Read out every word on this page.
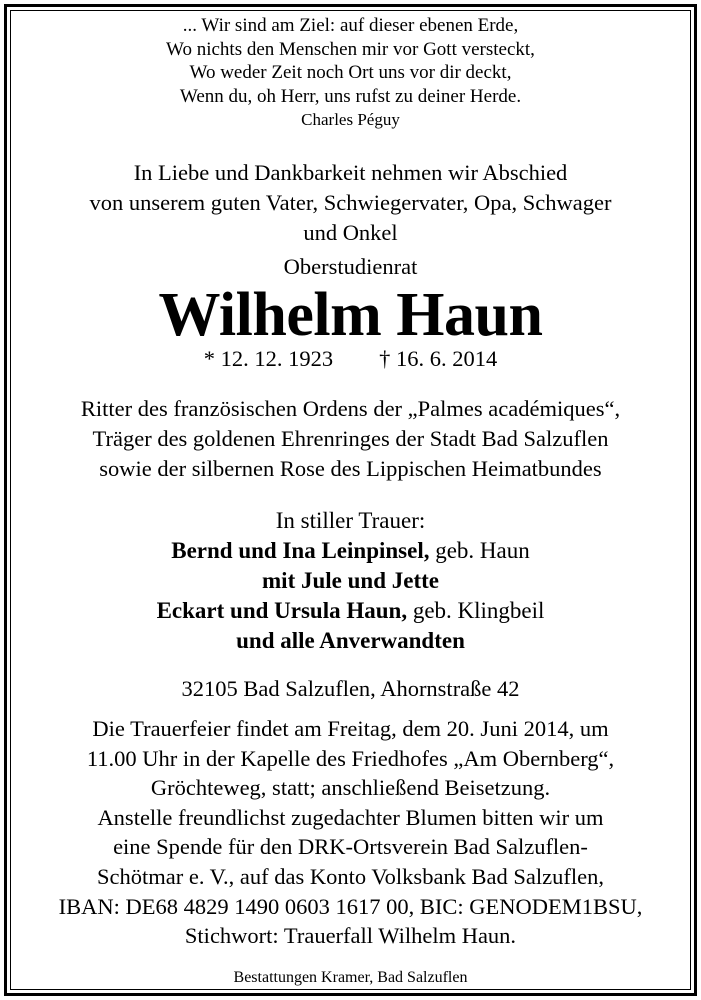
... Wir sind am Ziel: auf dieser ebenen Erde,
Wo nichts den Menschen mir vor Gott versteckt,
Wo weder Zeit noch Ort uns vor dir deckt,
Wenn du, oh Herr, uns rufst zu deiner Herde.
Charles Péguy
In Liebe und Dankbarkeit nehmen wir Abschied
von unserem guten Vater, Schwiegervater, Opa, Schwager
und Onkel
Oberstudienrat
Wilhelm Haun
* 12. 12. 1923 † 16. 6. 2014
Ritter des französischen Ordens der „Palmes académiques“,
Träger des goldenen Ehrenringes der Stadt Bad Salzuflen
sowie der silbernen Rose des Lippischen Heimatbundes
In stiller Trauer:
Bernd und Ina Leinpinsel, geb. Haun
mit Jule und Jette
Eckart und Ursula Haun, geb. Klingbeil
und alle Anverwandten
32105 Bad Salzuflen, Ahornstraße 42
Die Trauerfeier findet am Freitag, dem 20. Juni 2014, um
11.00 Uhr in der Kapelle des Friedhofes „Am Obernberg“,
Gröchteweg, statt; anschließend Beisetzung.
Anstelle freundlichst zugedachter Blumen bitten wir um
eine Spende für den DRK-Ortsverein Bad Salzuflen-
Schötmar e. V., auf das Konto Volksbank Bad Salzuflen,
IBAN: DE68 4829 1490 0603 1617 00, BIC: GENODEM1BSU,
Stichwort: Trauerfall Wilhelm Haun.
Bestattungen Kramer, Bad Salzuflen
